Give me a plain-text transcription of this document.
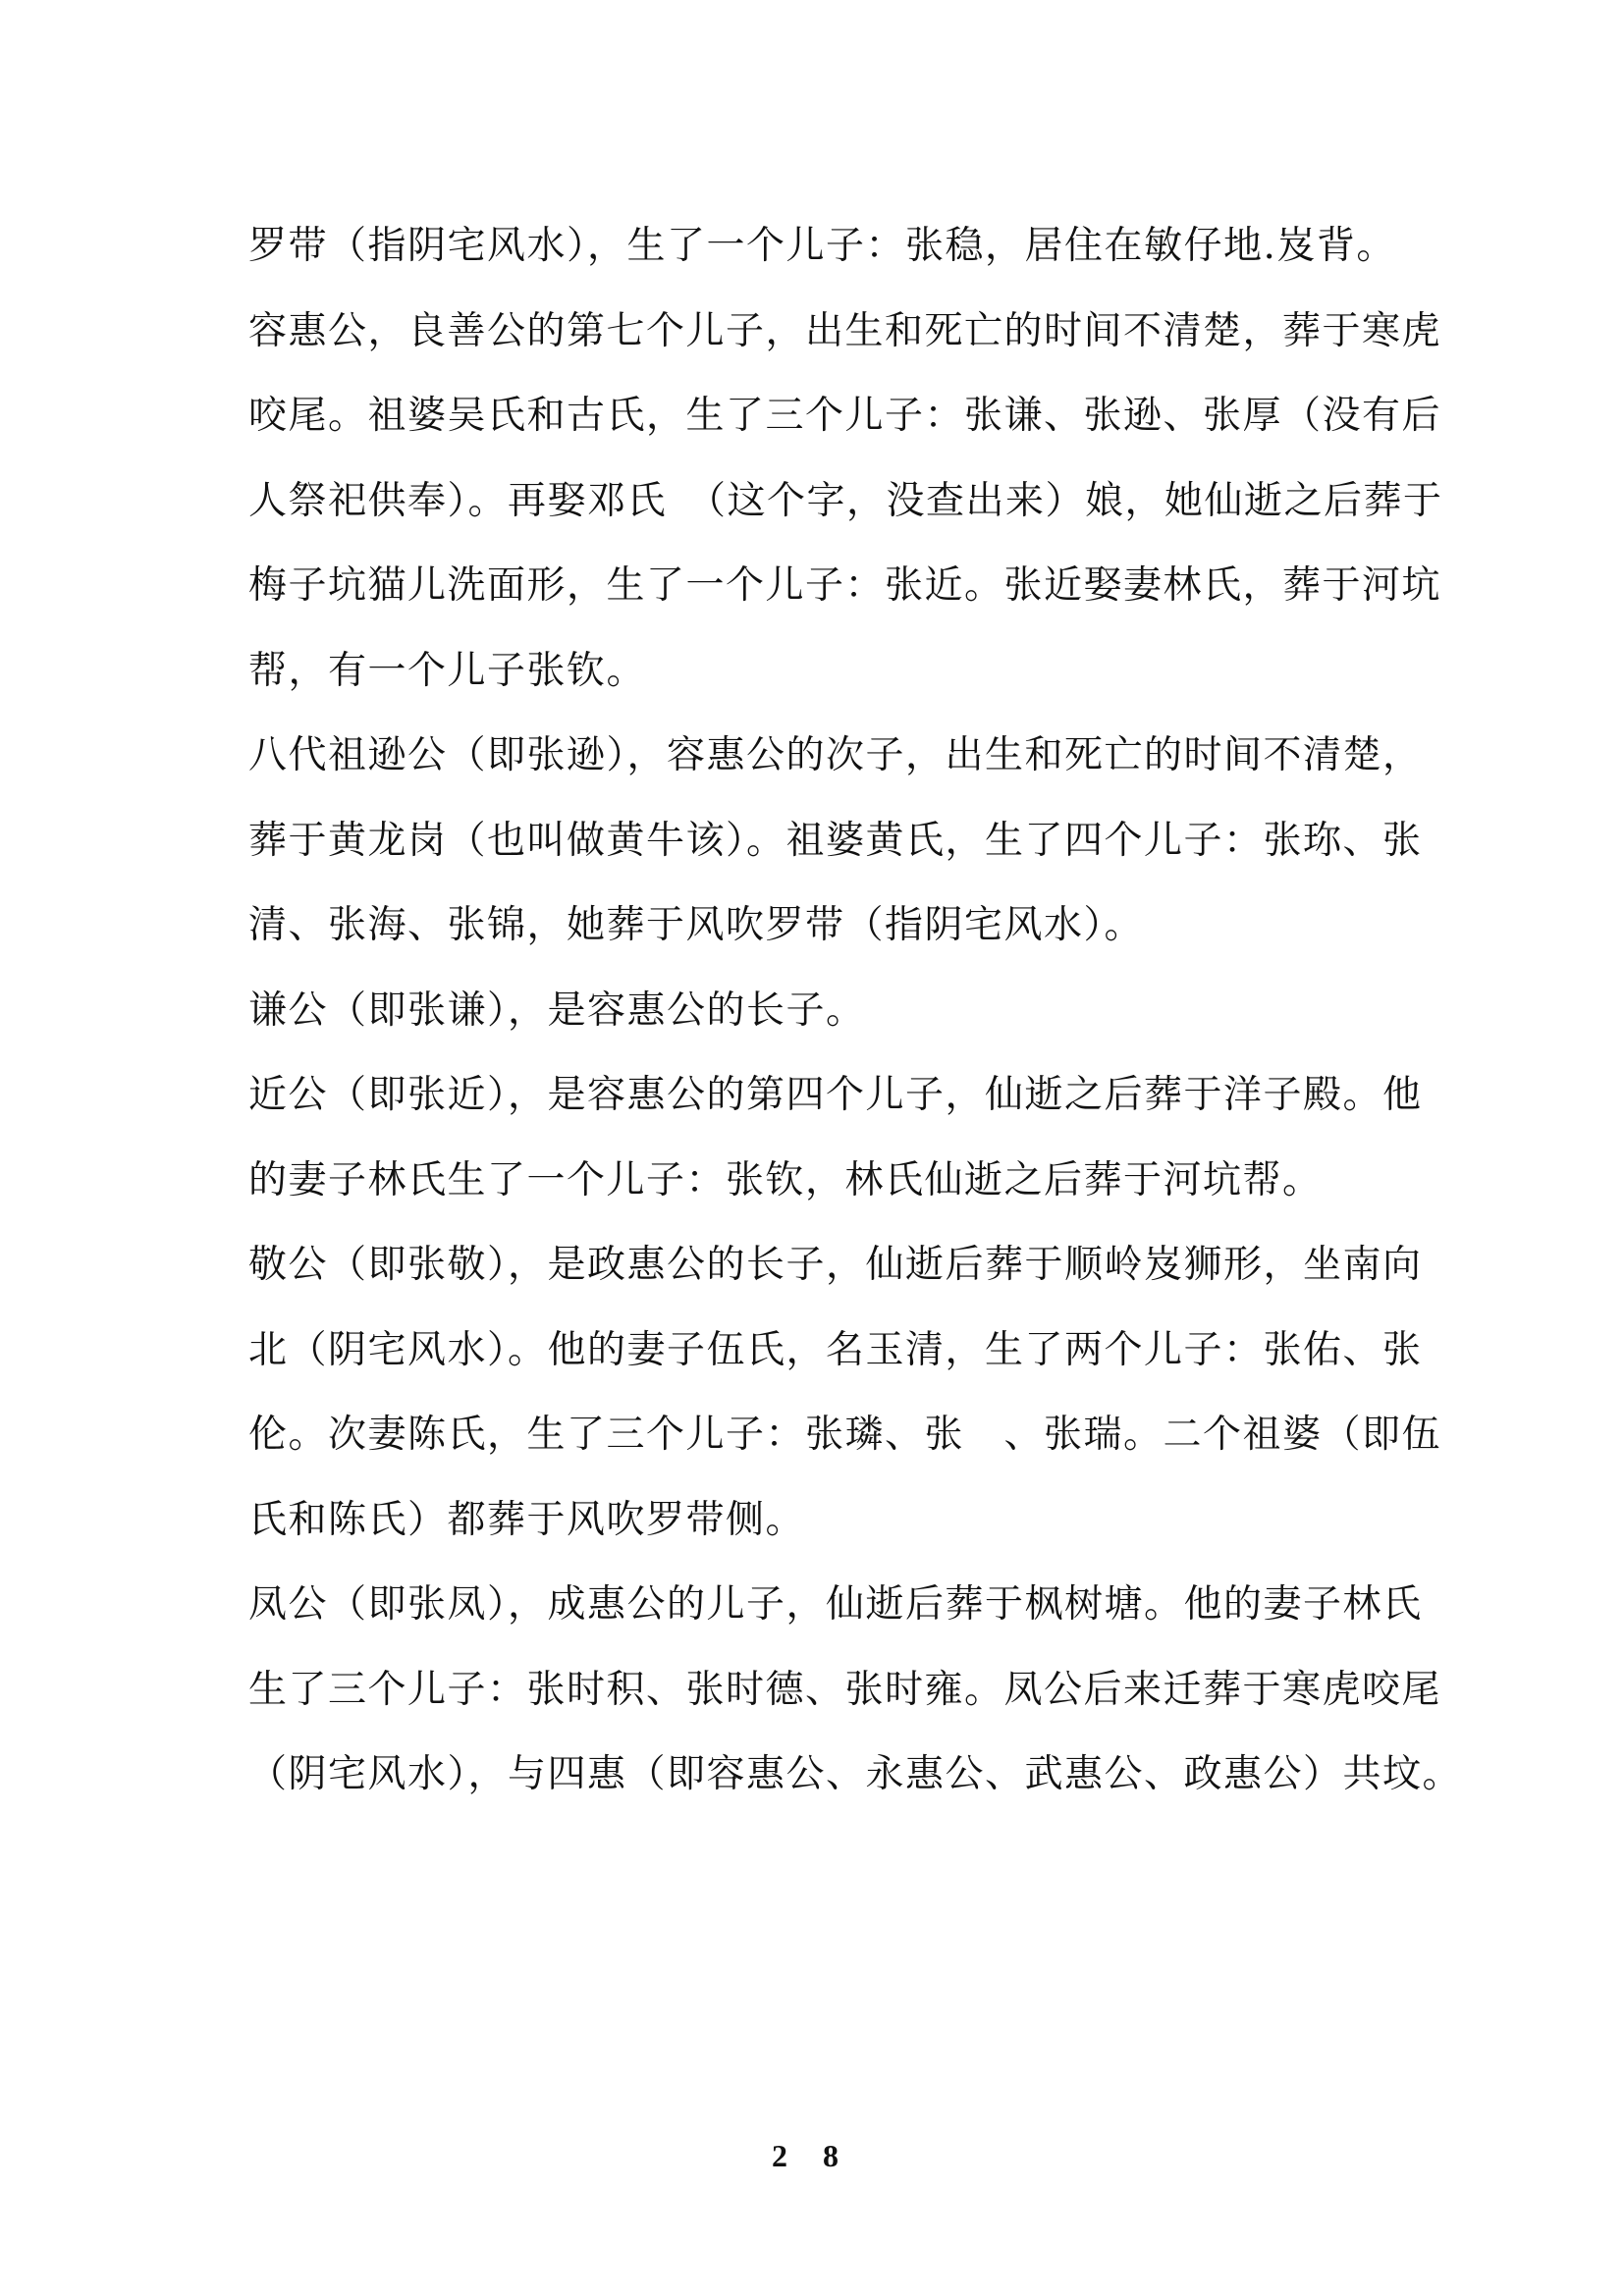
罗带（指阴宅风水），生了一个儿子：张稳，居住在敏仔地.岌背。

容惠公，良善公的第七个儿子，出生和死亡的时间不清楚，葬于寒虎
咬尾。祖婆吴氏和古氏，生了三个儿子：张谦、张逊、张厚（没有后
人祭祀供奉）。再娶邓氏　（这个字，没查出来）娘，她仙逝之后葬于
梅子坑猫儿洗面形，生了一个儿子：张近。张近娶妻林氏，葬于河坑
帮，有一个儿子张钦。

八代祖逊公（即张逊），容惠公的次子，出生和死亡的时间不清楚，
葬于黄龙岗（也叫做黄牛该）。祖婆黄氏，生了四个儿子：张珎、张
清、张海、张锦，她葬于风吹罗带（指阴宅风水）。

谦公（即张谦），是容惠公的长子。

近公（即张近），是容惠公的第四个儿子，仙逝之后葬于洋子殿。他
的妻子林氏生了一个儿子：张钦，林氏仙逝之后葬于河坑帮。

敬公（即张敬），是政惠公的长子，仙逝后葬于顺岭岌狮形，坐南向
北（阴宅风水）。他的妻子伍氏，名玉清，生了两个儿子：张佑、张
伦。次妻陈氏，生了三个儿子：张璘、张　、张瑞。二个祖婆（即伍
氏和陈氏）都葬于风吹罗带侧。

凤公（即张凤），成惠公的儿子，仙逝后葬于枫树塘。他的妻子林氏
生了三个儿子：张时积、张时德、张时雍。凤公后来迁葬于寒虎咬尾
（阴宅风水），与四惠（即容惠公、永惠公、武惠公、政惠公）共坟。

2 8
